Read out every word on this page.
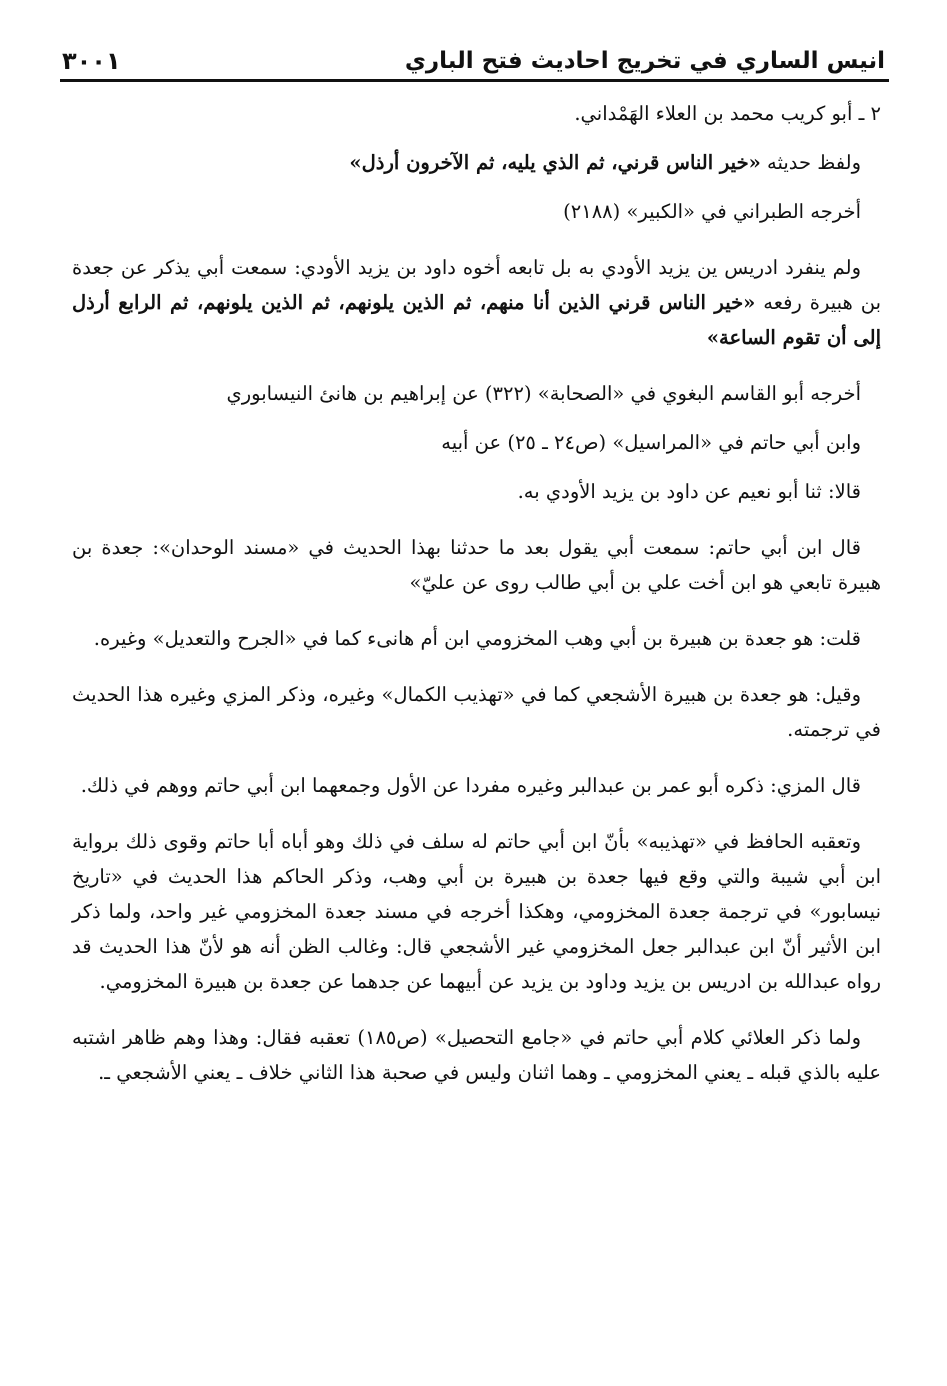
انيس الساري في تخريج احاديث فتح الباري
٣٠٠١

٢ ـ أبو كريب محمد بن العلاء الهَمْداني.

ولفظ حديثه «خير الناس قرني، ثم الذي يليه، ثم الآخرون أرذل»

أخرجه الطبراني في «الكبير» (٢١٨٨)

ولم ينفرد ادريس ين يزيد الأودي به بل تابعه أخوه داود بن يزيد الأودي: سمعت أبي يذكر عن جعدة بن هبيرة رفعه «خير الناس قرني الذين أنا منهم، ثم الذين يلونهم، ثم الذين يلونهم، ثم الرابع أرذل إلى أن تقوم الساعة»

أخرجه أبو القاسم البغوي في «الصحابة» (٣٢٢) عن إبراهيم بن هانئ النيسابوري

وابن أبي حاتم في «المراسيل» (ص٢٤ ـ ٢٥) عن أبيه

قالا: ثنا أبو نعيم عن داود بن يزيد الأودي به.

قال ابن أبي حاتم: سمعت أبي يقول بعد ما حدثنا بهذا الحديث في «مسند الوحدان»: جعدة بن هبيرة تابعي هو ابن أخت علي بن أبي طالب روى عن عليّ»

قلت: هو جعدة بن هبيرة بن أبي وهب المخزومي ابن أم هانىء كما في «الجرح والتعديل» وغيره.

وقيل: هو جعدة بن هبيرة الأشجعي كما في «تهذيب الكمال» وغيره، وذكر المزي وغيره هذا الحديث في ترجمته.

قال المزي: ذكره أبو عمر بن عبدالبر وغيره مفردا عن الأول وجمعهما ابن أبي حاتم ووهم في ذلك.

وتعقبه الحافظ في «تهذيبه» بأنّ ابن أبي حاتم له سلف في ذلك وهو أباه أبا حاتم وقوى ذلك برواية ابن أبي شيبة والتي وقع فيها جعدة بن هبيرة بن أبي وهب، وذكر الحاكم هذا الحديث في «تاريخ نيسابور» في ترجمة جعدة المخزومي، وهكذا أخرجه في مسند جعدة المخزومي غير واحد، ولما ذكر ابن الأثير أنّ ابن عبدالبر جعل المخزومي غير الأشجعي قال: وغالب الظن أنه هو لأنّ هذا الحديث قد رواه عبدالله بن ادريس بن يزيد وداود بن يزيد عن أبيهما عن جدهما عن جعدة بن هبيرة المخزومي.

ولما ذكر العلائي كلام أبي حاتم في «جامع التحصيل» (ص١٨٥) تعقبه فقال: وهذا وهم ظاهر اشتبه عليه بالذي قبله ـ يعني المخزومي ـ وهما اثنان وليس في صحبة هذا الثاني خلاف ـ يعني الأشجعي ـ.
